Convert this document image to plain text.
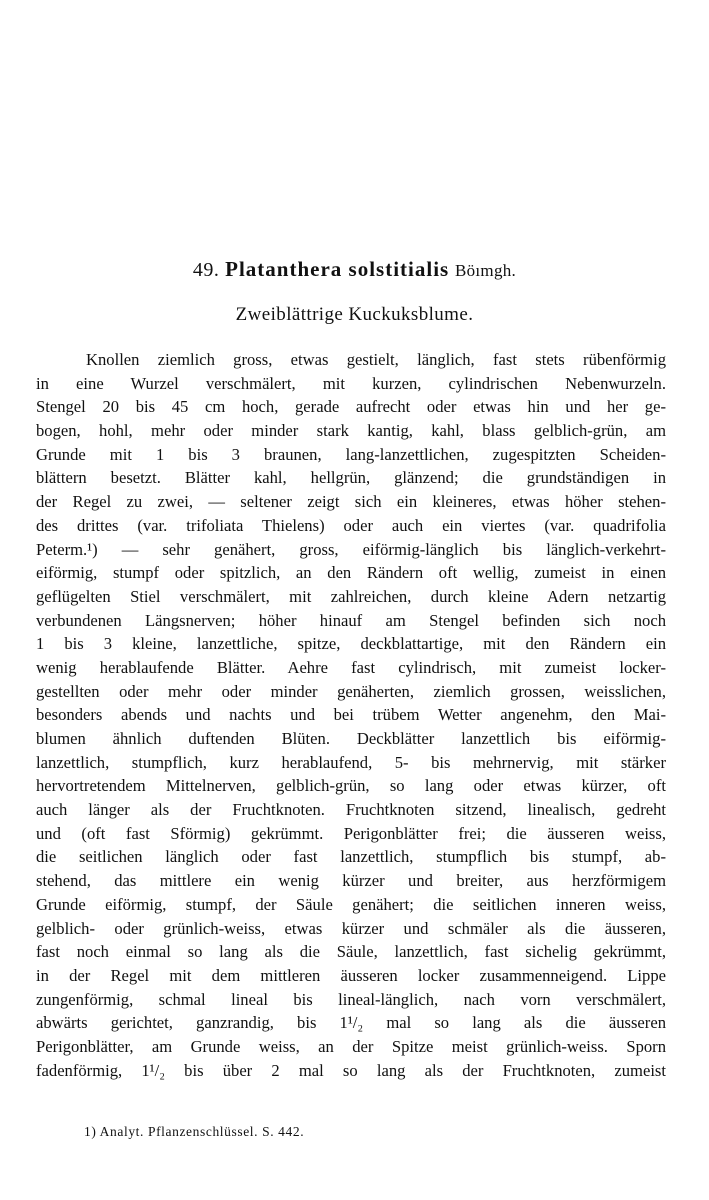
49. Platanthera solstitialis Böımgh.
Zweiblättrige Kuckuksblume.
Knollen ziemlich gross, etwas gestielt, länglich, fast stets rübenförmig
in eine Wurzel verschmälert, mit kurzen, cylindrischen Nebenwurzeln.
Stengel 20 bis 45 cm hoch, gerade aufrecht oder etwas hin und her ge-
bogen, hohl, mehr oder minder stark kantig, kahl, blass gelblich-grün, am
Grunde mit 1 bis 3 braunen, lang-lanzettlichen, zugespitzten Scheiden-
blättern besetzt. Blätter kahl, hellgrün, glänzend; die grundständigen in
der Regel zu zwei, — seltener zeigt sich ein kleineres, etwas höher stehen-
des drittes (var. trifoliata Thielens) oder auch ein viertes (var. quadrifolia
Peterm.¹) — sehr genähert, gross, eiförmig-länglich bis länglich-verkehrt-
eiförmig, stumpf oder spitzlich, an den Rändern oft wellig, zumeist in einen
geflügelten Stiel verschmälert, mit zahlreichen, durch kleine Adern netzartig
verbundenen Längsnerven; höher hinauf am Stengel befinden sich noch
1 bis 3 kleine, lanzettliche, spitze, deckblattartige, mit den Rändern ein
wenig herablaufende Blätter. Aehre fast cylindrisch, mit zumeist locker-
gestellten oder mehr oder minder genäherten, ziemlich grossen, weisslichen,
besonders abends und nachts und bei trübem Wetter angenehm, den Mai-
blumen ähnlich duftenden Blüten. Deckblätter lanzettlich bis eiförmig-
lanzettlich, stumpflich, kurz herablaufend, 5- bis mehrnervig, mit stärker
hervortretendem Mittelnerven, gelblich-grün, so lang oder etwas kürzer, oft
auch länger als der Fruchtknoten. Fruchtknoten sitzend, linealisch, gedreht
und (oft fast Sförmig) gekrümmt. Perigonblätter frei; die äusseren weiss,
die seitlichen länglich oder fast lanzettlich, stumpflich bis stumpf, ab-
stehend, das mittlere ein wenig kürzer und breiter, aus herzförmigem
Grunde eiförmig, stumpf, der Säule genähert; die seitlichen inneren weiss,
gelblich- oder grünlich-weiss, etwas kürzer und schmäler als die äusseren,
fast noch einmal so lang als die Säule, lanzettlich, fast sichelig gekrümmt,
in der Regel mit dem mittleren äusseren locker zusammenneigend. Lippe
zungenförmig, schmal lineal bis lineal-länglich, nach vorn verschmälert,
abwärts gerichtet, ganzrandig, bis 1¹/₂ mal so lang als die äusseren
Perigonblätter, am Grunde weiss, an der Spitze meist grünlich-weiss. Sporn
fadenförmig, 1¹/₂ bis über 2 mal so lang als der Fruchtknoten, zumeist
1) Analyt. Pflanzenschlüssel. S. 442.
